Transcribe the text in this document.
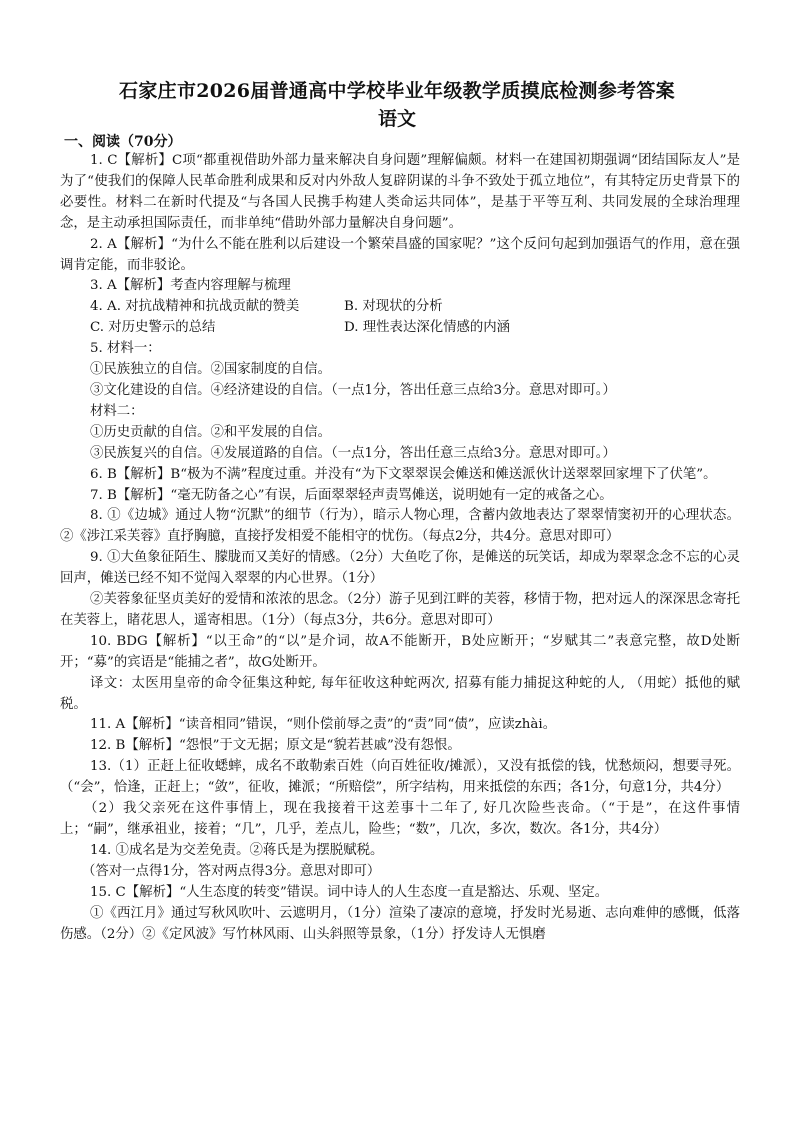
石家庄市2026届普通高中学校毕业年级教学质摸底检测参考答案
语文
一、阅读（70分）

1. C【解析】C项“都重视借助外部力量来解决自身问题”理解偏颇。材料一在建国初期强调“团结国际友人”是为了“使我们的保障人民革命胜利成果和反对内外敌人复辟阴谋的斗争不致处于孤立地位”，有其特定历史背景下的必要性。材料二在新时代提及“与各国人民携手构建人类命运共同体”，是基于平等互利、共同发展的全球治理理念，是主动承担国际责任，而非单纯“借助外部力量解决自身问题”。

2. A【解析】“为什么不能在胜利以后建设一个繁荣昌盛的国家呢？”这个反问句起到加强语气的作用，意在强调肯定能，而非驳论。

3. A【解析】考查内容理解与梳理

4. A. 对抗战精神和抗战贡献的赞美	B. 对现状的分析
C. 对历史警示的总结	D. 理性表达深化情感的内涵

5. 材料一：

①民族独立的自信。②国家制度的自信。

③文化建设的自信。④经济建设的自信。（一点1分，答出任意三点给3分。意思对即可。）

材料二：

①历史贡献的自信。②和平发展的自信。

③民族复兴的自信。④发展道路的自信。（一点1分，答出任意三点给3分。意思对即可。）

6. B【解析】B“极为不满”程度过重。并没有“为下文翠翠误会傩送和傩送派伙计送翠翠回家埋下了伏笔”。

7. B【解析】“毫无防备之心”有误，后面翠翠轻声责骂傩送，说明她有一定的戒备之心。

8. ①《边城》通过人物“沉默”的细节（行为），暗示人物心理，含蓄内敛地表达了翠翠情窦初开的心理状态。②《涉江采芙蓉》直抒胸臆，直接抒发相爱不能相守的忧伤。（每点2分，共4分。意思对即可）

9. ①大鱼象征陌生、朦胧而又美好的情感。（2分）大鱼吃了你，是傩送的玩笑话，却成为翠翠念念不忘的心灵回声，傩送已经不知不觉闯入翠翠的内心世界。（1分）

②芙蓉象征坚贞美好的爱情和浓浓的思念。（2分）游子见到江畔的芙蓉，移情于物，把对远人的深深思念寄托在芙蓉上，睹花思人，遥寄相思。（1分）（每点3分，共6分。意思对即可）

10. BDG【解析】“以王命”的“以”是介词，故A不能断开，B处应断开；“岁赋其二”表意完整，故D处断开；“募”的宾语是“能捕之者”，故G处断开。

译文：太医用皇帝的命令征集这种蛇, 每年征收这种蛇两次, 招募有能力捕捉这种蛇的人, （用蛇）抵他的赋税。

11. A【解析】“读音相同”错误，“则仆偿前辱之责”的“责”同“债”，应读zhài。

12. B【解析】“怨恨”于文无据；原文是“貌若甚戚”没有怨恨。

13.（1）正赶上征收蟋蟀，成名不敢勒索百姓（向百姓征收/摊派），又没有抵偿的钱，忧愁烦闷，想要寻死。（“会”，恰逢，正赶上；“敛”，征收，摊派；“所赔偿”，所字结构，用来抵偿的东西；各1分，句意1分，共4分）

（2）我父亲死在这件事情上，现在我接着干这差事十二年了, 好几次险些丧命。（“于是”，在这件事情上；“嗣”，继承祖业，接着；“几”，几乎，差点儿，险些；“数”，几次，多次，数次。各1分，共4分）

14. ①成名是为交差免责。②蒋氏是为摆脱赋税。

（答对一点得1分，答对两点得3分。意思对即可）

15. C【解析】“人生态度的转变”错误。词中诗人的人生态度一直是豁达、乐观、坚定。

①《西江月》通过写秋风吹叶、云遮明月，（1分）渲染了凄凉的意境，抒发时光易逝、志向难伸的感慨，低落伤感。（2分）②《定风波》写竹林风雨、山头斜照等景象，（1分）抒发诗人无惧磨
